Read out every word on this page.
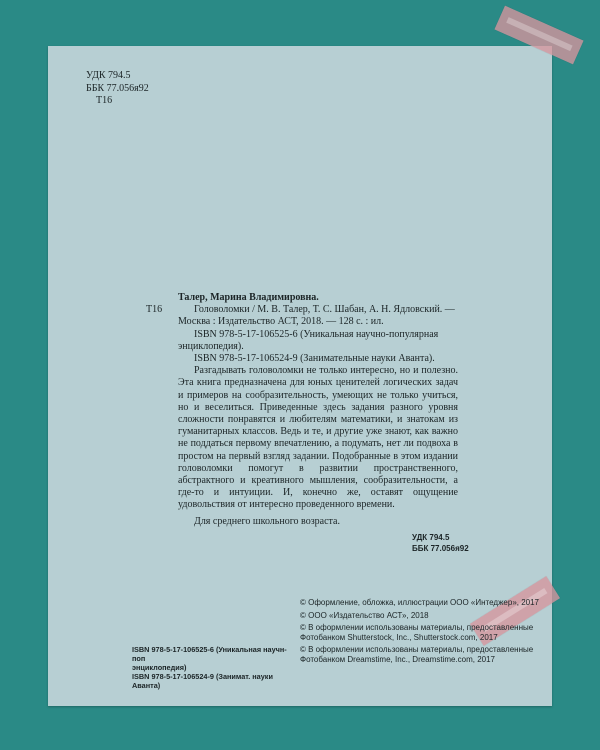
УДК 794.5
ББК 77.056я92
Т16
Т16
Талер, Марина Владимировна.
Головоломки / М. В. Талер, Т. С. Шабан, А. Н. Ядловский. —
Москва : Издательство АСТ, 2018. — 128 с. : ил.
ISBN 978-5-17-106525-6 (Уникальная научно-популярная
энциклопедия).
ISBN 978-5-17-106524-9 (Занимательные науки Аванта).
Разгадывать головоломки не только интересно, но и полезно. Эта книга предназначена для юных ценителей логических задач и примеров на сообразительность, умеющих не только учиться, но и веселиться. Приведенные здесь задания разного уровня сложности понравятся и любителям математики, и знатокам из гуманитарных классов. Ведь и те, и другие уже знают, как важно не поддаться первому впечатлению, а подумать, нет ли подвоха в простом на первый взгляд задании. Подобранные в этом издании головоломки помогут в развитии пространственного, абстрактного и креативного мышления, сообразительности, а где-то и интуиции. И, конечно же, оставят ощущение удовольствия от интересно проведенного времени.
Для среднего школьного возраста.
УДК 794.5
ББК 77.056я92
© Оформление, обложка, иллюстрации ООО «Интеджер», 2017
© ООО «Издательство АСТ», 2018
© В оформлении использованы материалы, предоставленные Фотобанком Shutterstock, Inc., Shutterstock.com, 2017
© В оформлении использованы материалы, предоставленные Фотобанком Dreamstime, Inc., Dreamstime.com, 2017
ISBN 978-5-17-106525-6 (Уникальная научн-поп
энциклопедия)
ISBN 978-5-17-106524-9 (Занимат. науки Аванта)
